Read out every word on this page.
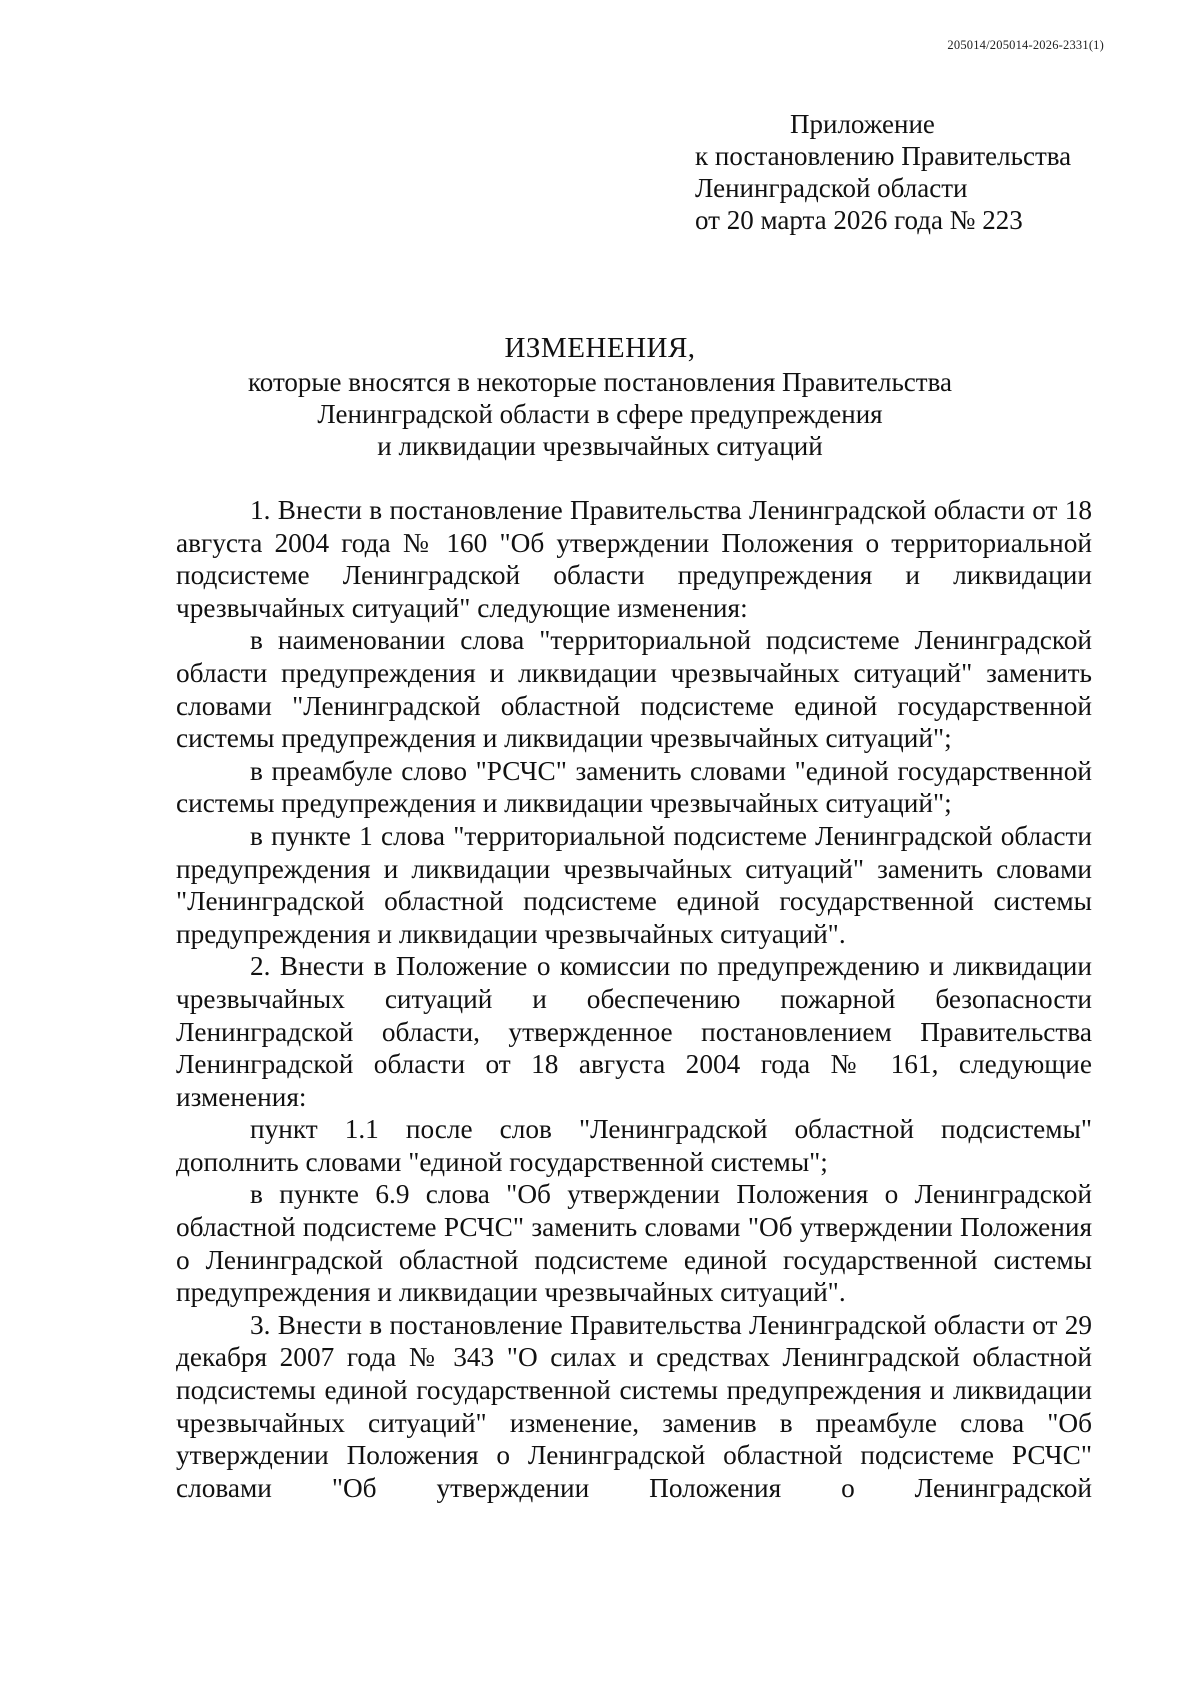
205014/205014-2026-2331(1)
Приложение
к постановлению Правительства
Ленинградской области
от 20 марта 2026 года № 223
ИЗМЕНЕНИЯ,
которые вносятся в некоторые постановления Правительства
Ленинградской области в сфере предупреждения
и ликвидации чрезвычайных ситуаций

1. Внести в постановление Правительства Ленинградской области от 18 августа 2004 года № 160 "Об утверждении Положения о территориальной подсистеме Ленинградской области предупреждения и ликвидации чрезвычайных ситуаций" следующие изменения:

в наименовании слова "территориальной подсистеме Ленинградской области предупреждения и ликвидации чрезвычайных ситуаций" заменить словами "Ленинградской областной подсистеме единой государственной системы предупреждения и ликвидации чрезвычайных ситуаций";

в преамбуле слово "РСЧС" заменить словами "единой государственной системы предупреждения и ликвидации чрезвычайных ситуаций";

в пункте 1 слова "территориальной подсистеме Ленинградской области предупреждения и ликвидации чрезвычайных ситуаций" заменить словами "Ленинградской областной подсистеме единой государственной системы предупреждения и ликвидации чрезвычайных ситуаций".

2. Внести в Положение о комиссии по предупреждению и ликвидации чрезвычайных ситуаций и обеспечению пожарной безопасности Ленинградской области, утвержденное постановлением Правительства Ленинградской области от 18 августа 2004 года № 161, следующие изменения:

пункт 1.1 после слов "Ленинградской областной подсистемы" дополнить словами "единой государственной системы";

в пункте 6.9 слова "Об утверждении Положения о Ленинградской областной подсистеме РСЧС" заменить словами "Об утверждении Положения о Ленинградской областной подсистеме единой государственной системы предупреждения и ликвидации чрезвычайных ситуаций".

3. Внести в постановление Правительства Ленинградской области от 29 декабря 2007 года № 343 "О силах и средствах Ленинградской областной подсистемы единой государственной системы предупреждения и ликвидации чрезвычайных ситуаций" изменение, заменив в преамбуле слова "Об утверждении Положения о Ленинградской областной подсистеме РСЧС" словами "Об утверждении Положения о Ленинградской
